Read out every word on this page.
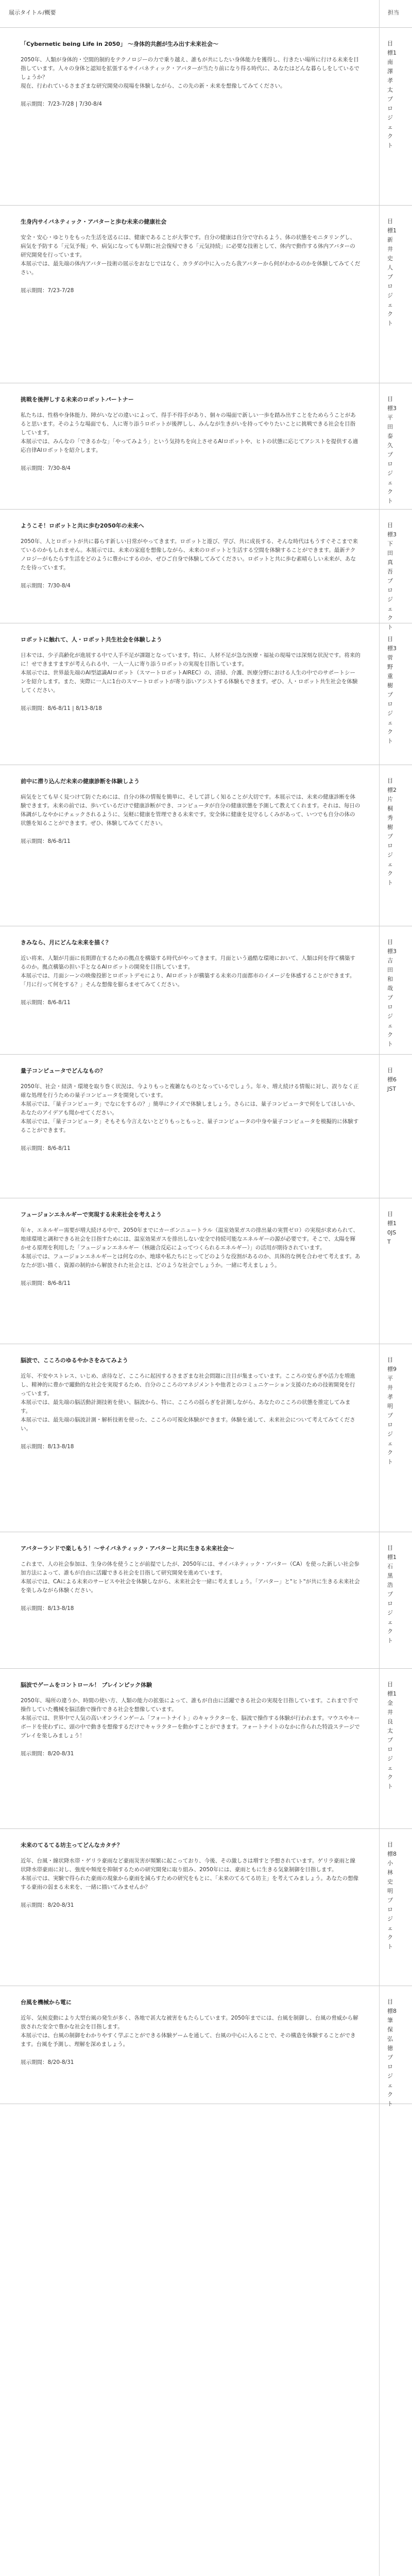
展示タイトル/概要	担当
「Cybernetic being Life in 2050」 ～身体的共創が生み出す未来社会～
2050年、人類が身体的・空間的制約をテクノロジーの力で乗り越え、誰もが共にしたい身体能力を獲得し、行きたい場所に行ける未来を目指しています。人々の身体と認知を拡張するサイバネティック・アバターが当たり前になり得る時代に、あなたはどんな暮らしをしているでしょうか？
現在、行われているさまざまな研究開発の現場を体験しながら、この先の新・未来を想像してみてください。
展示期間：7/23-7/28 | 7/30-8/4
目標1南澤孝太プロジェクト
生身内サイバネティック・アバターと歩む未来の健康社会
安全・安心・ゆとりをもった生活を送るには、健康であることが大事です。自分の健康は自分で守れるよう、体の状態をモニタリングし、病気を予防する「元気予報」や、病気になっても早期に社会復帰できる「元気持続」に必要な技術として、体内で動作する体内アバターの研究開発を行っています。
本展示では、最先端の体内アバター技術の展示をおなじではなく、カラダの中に入ったら我アバターから何がわかるのかを体験してみてください。
展示期間：7/23-7/28
目標1新井史人プロジェクト
挑戦を後押しする未来のロボットパートナー
私たちは、性格や身体能力、障がいなどの違いによって、得手不得手があり、個々の場面で新しい一歩を踏み出すことをためらうことがあると思います。そのような場面でも、人に寄り添うロボットが後押しし、みんなが生きがいを持ってやりたいことに挑戦できる社会を目指しています。
本展示では、みんなの「できるかな」「やってみよう」という気持ちを向上させるAIロボットや、ヒトの状態に応じてアシストを提供する適応自律AIロボットを紹介します。
展示期間：7/30-8/4
目標3平田泰久プロジェクト
ようこそ！ロボットと共に歩む2050年の未来へ
2050年、人とロボットが共に暮らす新しい日常がやってきます。ロボットと遊び、学び、共に成長する、そんな時代はもうすぐそこまで来ているのかもしれません。本展示では、未来の家庭を想像しながら、未来のロボットと生活する空間を体験することができます。最新テクノロジーがもたらす生活をどのように豊かにするのか、ぜひご自身で体験してみてください。ロボットと共に歩む素晴らしい未来が、あなたを待っています。
展示期間：7/30-8/4
目標3下田真吾プロジェクト
ロボットに触れて、人・ロボット共生社会を体験しよう
日本では、少子高齢化が進展する中で人手不足が課題となっています。特に、人材不足が急な医療・福祉の現場では深刻な状況です。将来的に！せできますますが考えられる中、一人一人に寄り添うロボットの実現を目指しています。
本展示では、世界最先端のAI型認識AIロボット（スマートロボットAIREC）の、清掃、介護、医療分野における人生の中でのサポートシーンを紹介します。また、実際に一人に1台のスマートロボットが寄り添いアシストする体験もできます。ぜひ、人・ロボット共生社会を体験してください。
展示期間：8/6-8/11 | 8/13-8/18
目標3菅野重樹プロジェクト
前中に潜り込んだ未来の健康診断を体験しよう
病気をとても早く見つけて防ぐためには、自分の体の情報を簡単に、そして詳しく知ることが大切です。本展示では、未来の健康診断を体験できます。未来の前では、歩いているだけで健康診断ができ、コンピュータが自分の健康状態を予測して教えてくれます。それは、毎日の体調がしなやかにチェックされるように、気軽に健康を管理できる未来です。安全体に健康を見守るしくみがあって、いつでも自分の体の状態を知ることができます。ぜひ、体験してみてください。
展示期間：8/6-8/11
目標2片桐秀樹プロジェクト
きみなら、月にどんな未来を描く？
近い将来、人類が月面に長期滞在するための拠点を構築する時代がやってきます。月面という過酷な環境において、人類は何を得て構築するのか。拠点構築の担い手となるAIロボットの開発を目指しています。
本展示では、月面シーンの映像投影とロボットデモにより、AIロボットが構築する未来の月面都市のイメージを体感することができます。「月に行って何をする？」そんな想像を膨らませてみてください。
展示期間：8/6-8/11
目標3吉田和哉プロジェクト
量子コンピュータでどんなもの？
2050年、社会・経済・環境を取り巻く状況は、今よりもっと複雑なものとなっているでしょう。年々、増え続ける情報に対し、誤りなく正確な処理を行うための量子コンピュータを開発しています。
本展示では、「量子コンピュータ」でなにをするの？」簡単にクイズで体験しましょう。さらには、量子コンピュータで何をしてほしいか、あなたのアイデアも聞かせてください。
本展示では、「量子コンピュータ」そもそも今言えないとどりもっともっと、量子コンピュータの中身や量子コンピュータを模擬的に体験することができます。
展示期間：8/6-8/11
目標6JST
フュージョンエネルギーで実現する未来社会を考えよう
年々、エネルギー需要が増大続ける中で、2050年までにカーボンニュートラル（温室効果ガスの排出量の実質ゼロ）の実現が求められて、地球環境と調和できる社会を目指すためには、温室効果ガスを排出しない安全で持続可能なエネルギーの源が必要です。そこで、太陽を輝かせる原理を利用した「フュージョンエネルギー（核融合反応によってつくられるエネルギー）」の活用が期待されています。
本展示では、フュージョンエネルギーとは何なのか、地球や私たちにとってどのような役割があるのか、具体的な例を合わせて考えます。あなたが思い描く、資源の制約から解放された社会とは、どのような社会でしょうか。一緒に考えましょう。
展示期間：8/6-8/11
目標10JST
脳波で、こころのゆるやかさをみてみよう
近年、不安やストレス、いじめ、虐待など、こころに起因するさまざまな社会問題に注目が集まっています。こころの安らぎや活力を増進し、精神的に豊かで躍動的な社会を実現するため、自分のこころのマネジメントや他者とのコミュニケーション支援のための技術開発を行っています。
本展示では、最先端の脳活動計測技術を使い、脳波から、特に、こころの揺らぎを計測しながら、あなたのこころの状態を推定してみます。
本展示では、最先端の脳波計測・解析技術を使った、こころの可視化体験ができます。体験を通して、未来社会について考えてみてください。
展示期間：8/13-8/18
目標9平井孝明プロジェクト
アバターランドで楽しもう！～サイバネティック・アバターと共に生きる未来社会～
これまで、人の社会参加は、生身の体を使うことが前提でしたが、2050年には、サイバネティック・アバター（CA）を使った新しい社会参加方法によって、誰もが自由に活躍できる社会を目指して研究開発を進めています。
本展示では、CAによる未来のサービスや社会を体験しながら、未来社会を一緒に考えましょう。「アバター」と"ヒト"が共に生きる未来社会を楽しみながら体験ください。
展示期間：8/13-8/18
目標1石黒浩プロジェクト
脳波でゲームをコントロール！ ブレインピック体験
2050年、場所の違うか、時間の使い方、人類の能力の拡張によって、誰もが自由に活躍できる社会の実現を目指しています。これまで手で操作していた機械を脳活動で操作できる社会を想像しています。
本展示では、世界中で人気の高いオンラインゲーム「フォートナイト」のキャラクターを、脳波で操作する体験が行われます。マウスやキーボードを使わずに、頭の中で動きを想像するだけでキャラクターを動かすことができます。フォートナイトのなかに作られた特設ステージでプレイを楽しみましょう！
展示期間：8/20-8/31
目標1金井良太プロジェクト
未来のてるてる坊主ってどんなカタチ？
近年、台風・線状降水帯・ゲリラ豪雨など豪雨災害が頻繁に起こっており、今後、その激しさは増すと予想されています。ゲリラ豪雨と線状降水帯豪雨に対し、強度や頻度を抑制するための研究開発に取り組み、2050年には、豪雨ともに生きる気象制御を目指します。
本展示では、実験で得られた豪雨の現象から豪雨を減らすための研究をもとに、「未来のてるてる坊主」を考えてみましょう。あなたの想像する豪雨の弱まる未来を、一緒に描いてみませんか？
展示期間：8/20-8/31
目標8小林史明プロジェクト
台風を機械から電に
近年、気候変動により大型台風の発生が多く、各地で甚大な被害をもたらしています。2050年までには、台風を制御し、台風の脅威から解放された安全で豊かな社会を目指します。
本展示では、台風の制御をわかりやすく学ぶことができる体験ゲームを通して、台風の中心に入ることで、その構造を体験することができます。台風を予測し、理解を深めましょう。
展示期間：8/20-8/31
目標8筆保弘徳プロジェクト
